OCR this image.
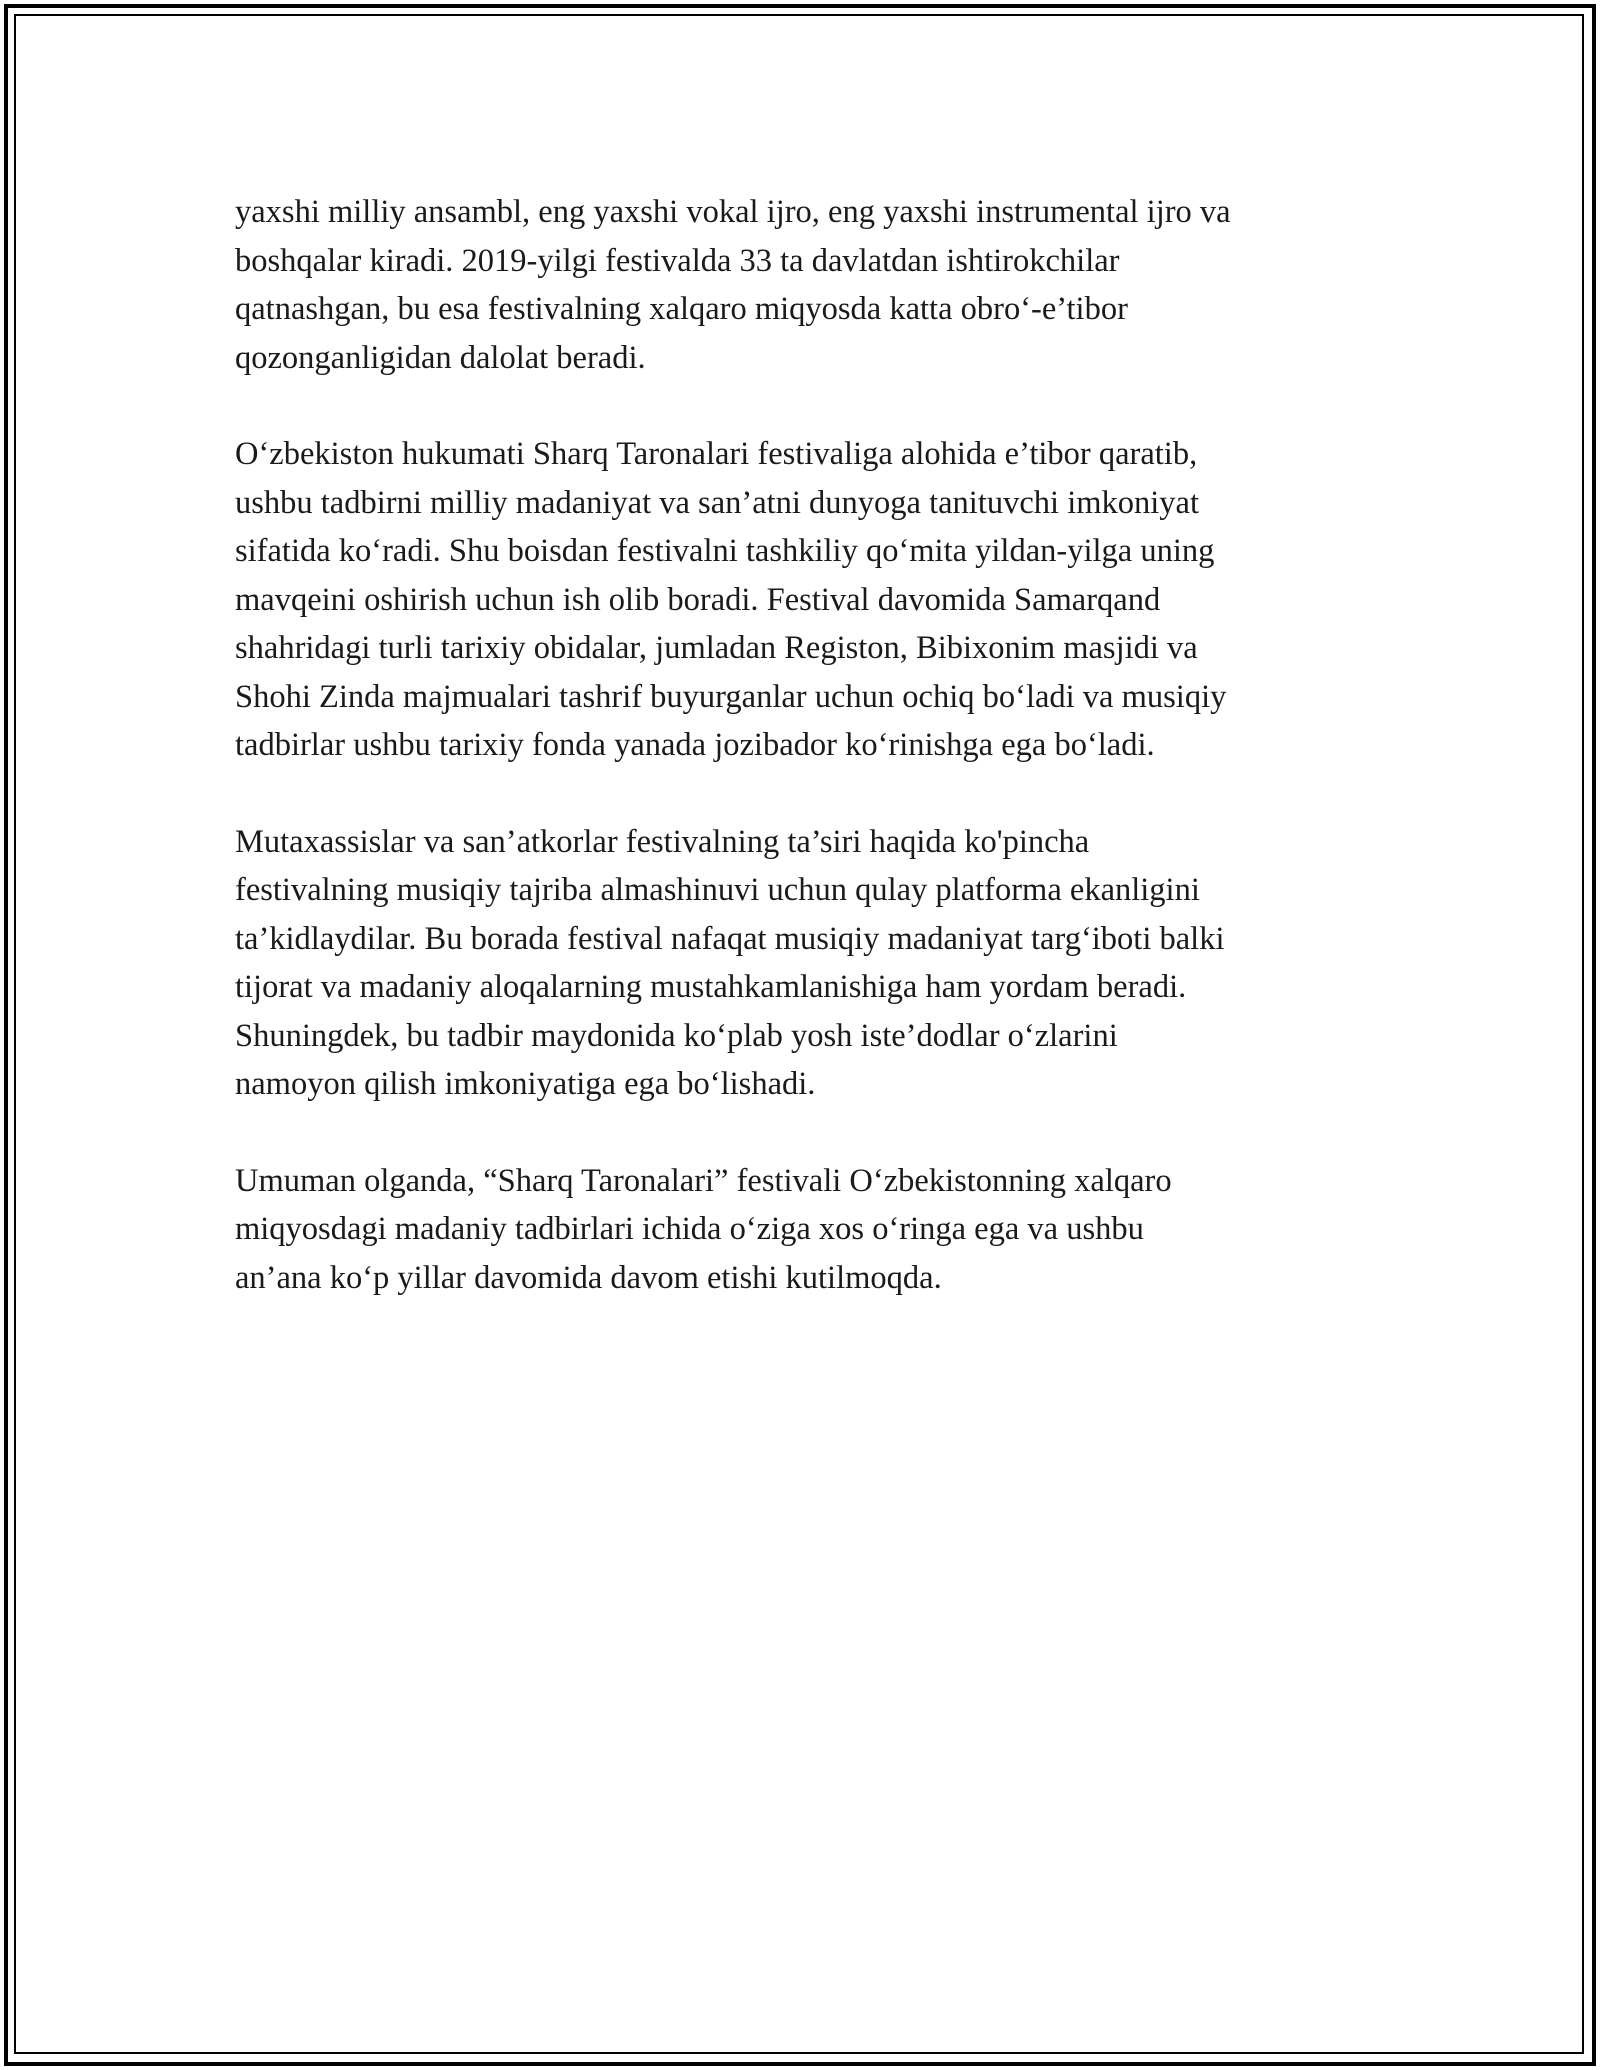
yaxshi milliy ansambl, eng yaxshi vokal ijro, eng yaxshi instrumental ijro va
boshqalar kiradi. 2019-yilgi festivalda 33 ta davlatdan ishtirokchilar
qatnashgan, bu esa festivalning xalqaro miqyosda katta obro‘-e’tibor
qozonganligidan dalolat beradi.

O‘zbekiston hukumati Sharq Taronalari festivaliga alohida e’tibor qaratib,
ushbu tadbirni milliy madaniyat va san’atni dunyoga tanituvchi imkoniyat
sifatida ko‘radi. Shu boisdan festivalni tashkiliy qo‘mita yildan-yilga uning
mavqeini oshirish uchun ish olib boradi. Festival davomida Samarqand
shahridagi turli tarixiy obidalar, jumladan Registon, Bibixonim masjidi va
Shohi Zinda majmualari tashrif buyurganlar uchun ochiq bo‘ladi va musiqiy
tadbirlar ushbu tarixiy fonda yanada jozibador ko‘rinishga ega bo‘ladi.

Mutaxassislar va san’atkorlar festivalning ta’siri haqida ko'pincha
festivalning musiqiy tajriba almashinuvi uchun qulay platforma ekanligini
ta’kidlaydilar. Bu borada festival nafaqat musiqiy madaniyat targ‘iboti balki
tijorat va madaniy aloqalarning mustahkamlanishiga ham yordam beradi.
Shuningdek, bu tadbir maydonida ko‘plab yosh iste’dodlar o‘zlarini
namoyon qilish imkoniyatiga ega bo‘lishadi.

Umuman olganda, “Sharq Taronalari” festivali O‘zbekistonning xalqaro
miqyosdagi madaniy tadbirlari ichida o‘ziga xos o‘ringa ega va ushbu
an’ana ko‘p yillar davomida davom etishi kutilmoqda.
